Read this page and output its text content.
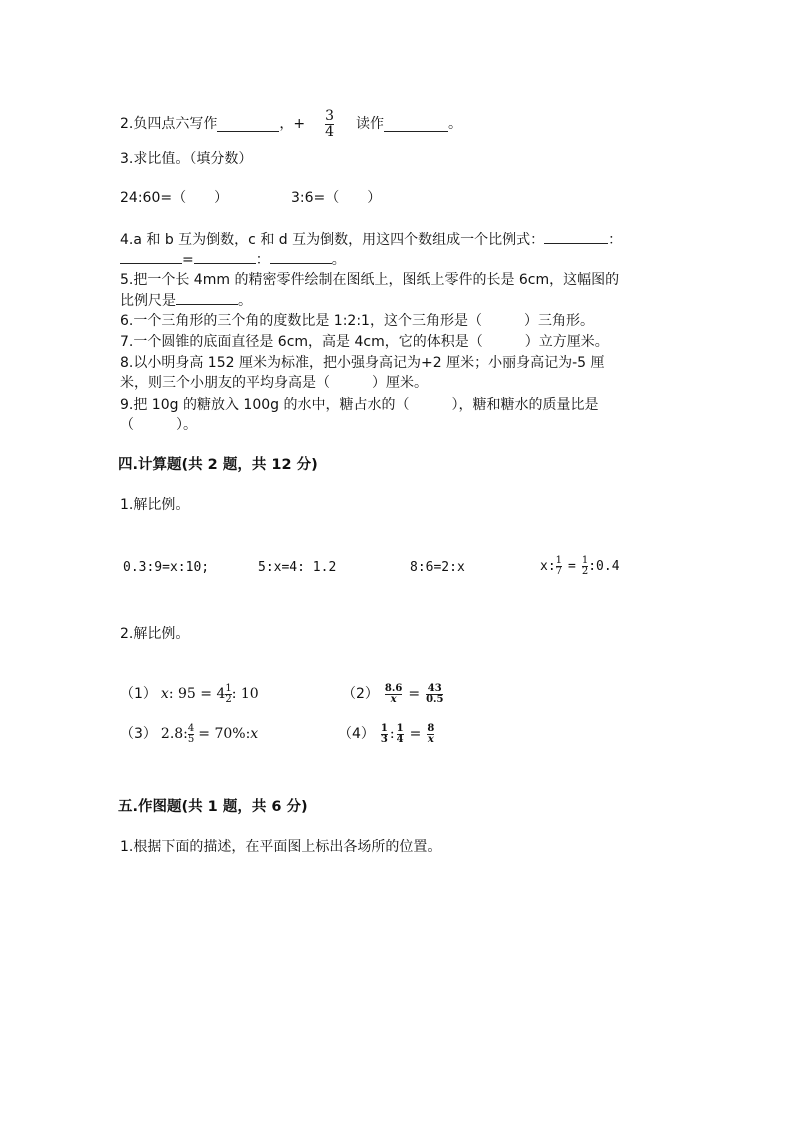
2.负四点六写作	，+ $\frac{3}{4}$ 读作	。
3.求比值。（填分数）
24:60=（　　）	3:6=（　　）
4.a 和 b 互为倒数，c 和 d 互为倒数，用这四个数组成一个比例式：	：
=	：	。
5.把一个长 4mm 的精密零件绘制在图纸上，图纸上零件的长是 6cm，这幅图的
比例尺是	。
6.一个三角形的三个角的度数比是 1:2:1，这个三角形是（　　　）三角形。
7.一个圆锥的底面直径是 6cm，高是 4cm，它的体积是（　　　）立方厘米。
8.以小明身高 152 厘米为标准，把小强身高记为+2 厘米；小丽身高记为-5 厘
米，则三个小朋友的平均身高是（　　　）厘米。
9.把 10g 的糖放入 100g 的水中，糖占水的（　　　），糖和糖水的质量比是
（　　　）。
四.计算题(共 2 题，共 12 分)
1.解比例。
0.3:9=x:10;	5:x=4: 1.2	8:6=2:x	x: $\frac{1}{7} = \frac{1}{2}$ :0.4
2.解比例。
（1） x : $95 = 4 \frac{1}{2}$ : 10	$(2) \frac{8.6}{x} = \frac{43}{0.5}$
（3） 2.8: $\frac{4}{5} = 70\%$: x	$(4) \frac{1}{3}$ : $\frac{1}{4} = \frac{8}{x}$
五.作图题(共 1 题，共 6 分)
1.根据下面的描述，在平面图上标出各场所的位置。
